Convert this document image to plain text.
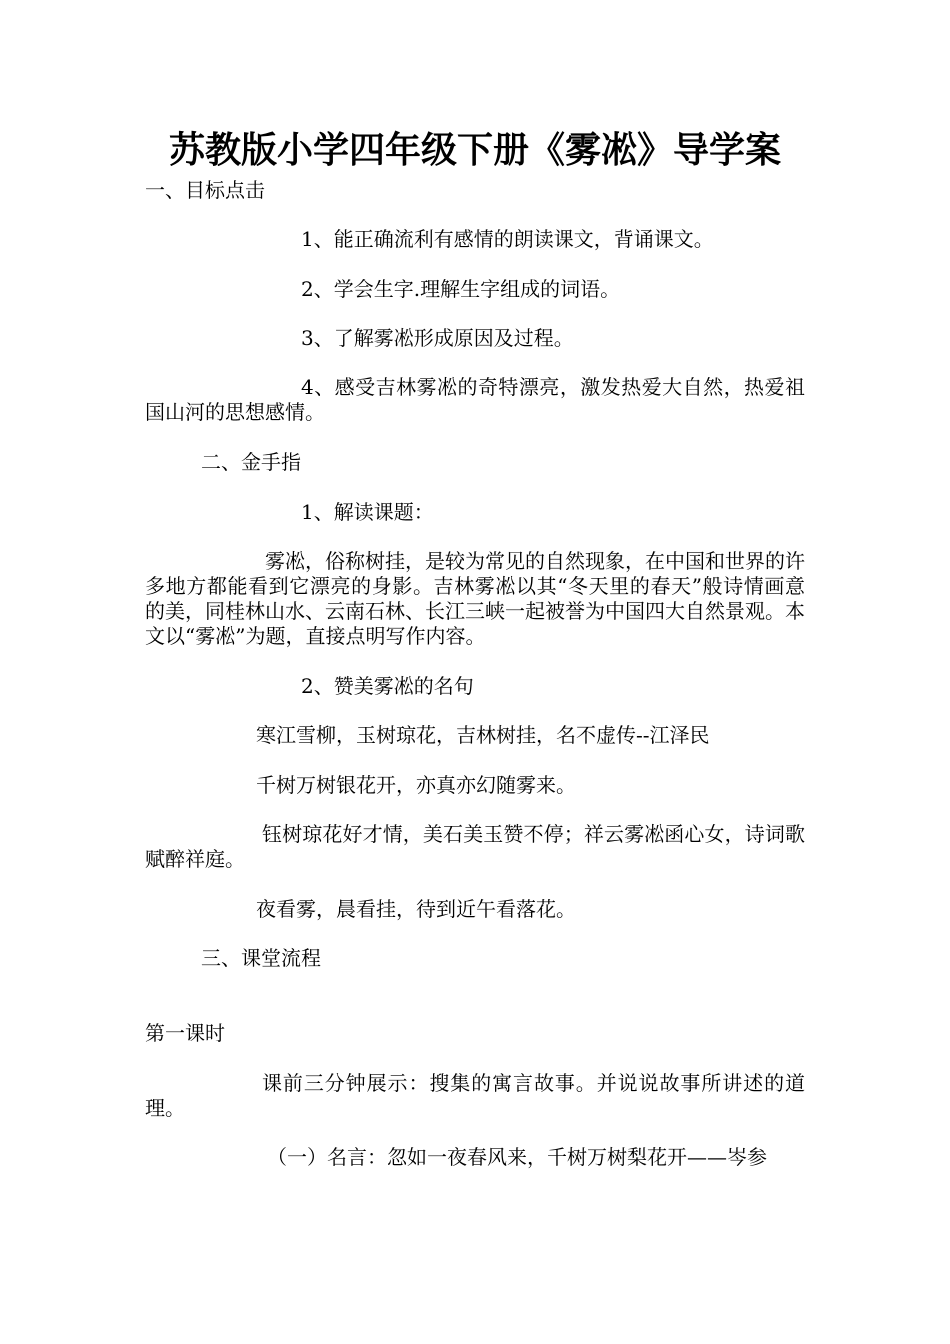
苏教版小学四年级下册《雾凇》导学案
一、目标点击
1、能正确流利有感情的朗读课文，背诵课文。
2、学会生字.理解生字组成的词语。
3、了解雾凇形成原因及过程。
4、感受吉林雾凇的奇特漂亮，激发热爱大自然，热爱祖国山河的思想感情。
二、金手指
1、解读课题：
雾凇，俗称树挂，是较为常见的自然现象，在中国和世界的许多地方都能看到它漂亮的身影。吉林雾凇以其“冬天里的春天”般诗情画意的美，同桂林山水、云南石林、长江三峡一起被誉为中国四大自然景观。本文以“雾凇”为题，直接点明写作内容。
2、赞美雾凇的名句
寒江雪柳，玉树琼花，吉林树挂，名不虚传--江泽民
千树万树银花开，亦真亦幻随雾来。
钰树琼花好才情，美石美玉赞不停；祥云雾凇函心女，诗词歌赋醉祥庭。
夜看雾，晨看挂，待到近午看落花。
三、课堂流程
第一课时
课前三分钟展示：搜集的寓言故事。并说说故事所讲述的道理。
（一）名言：忽如一夜春风来，千树万树梨花开——岑参
